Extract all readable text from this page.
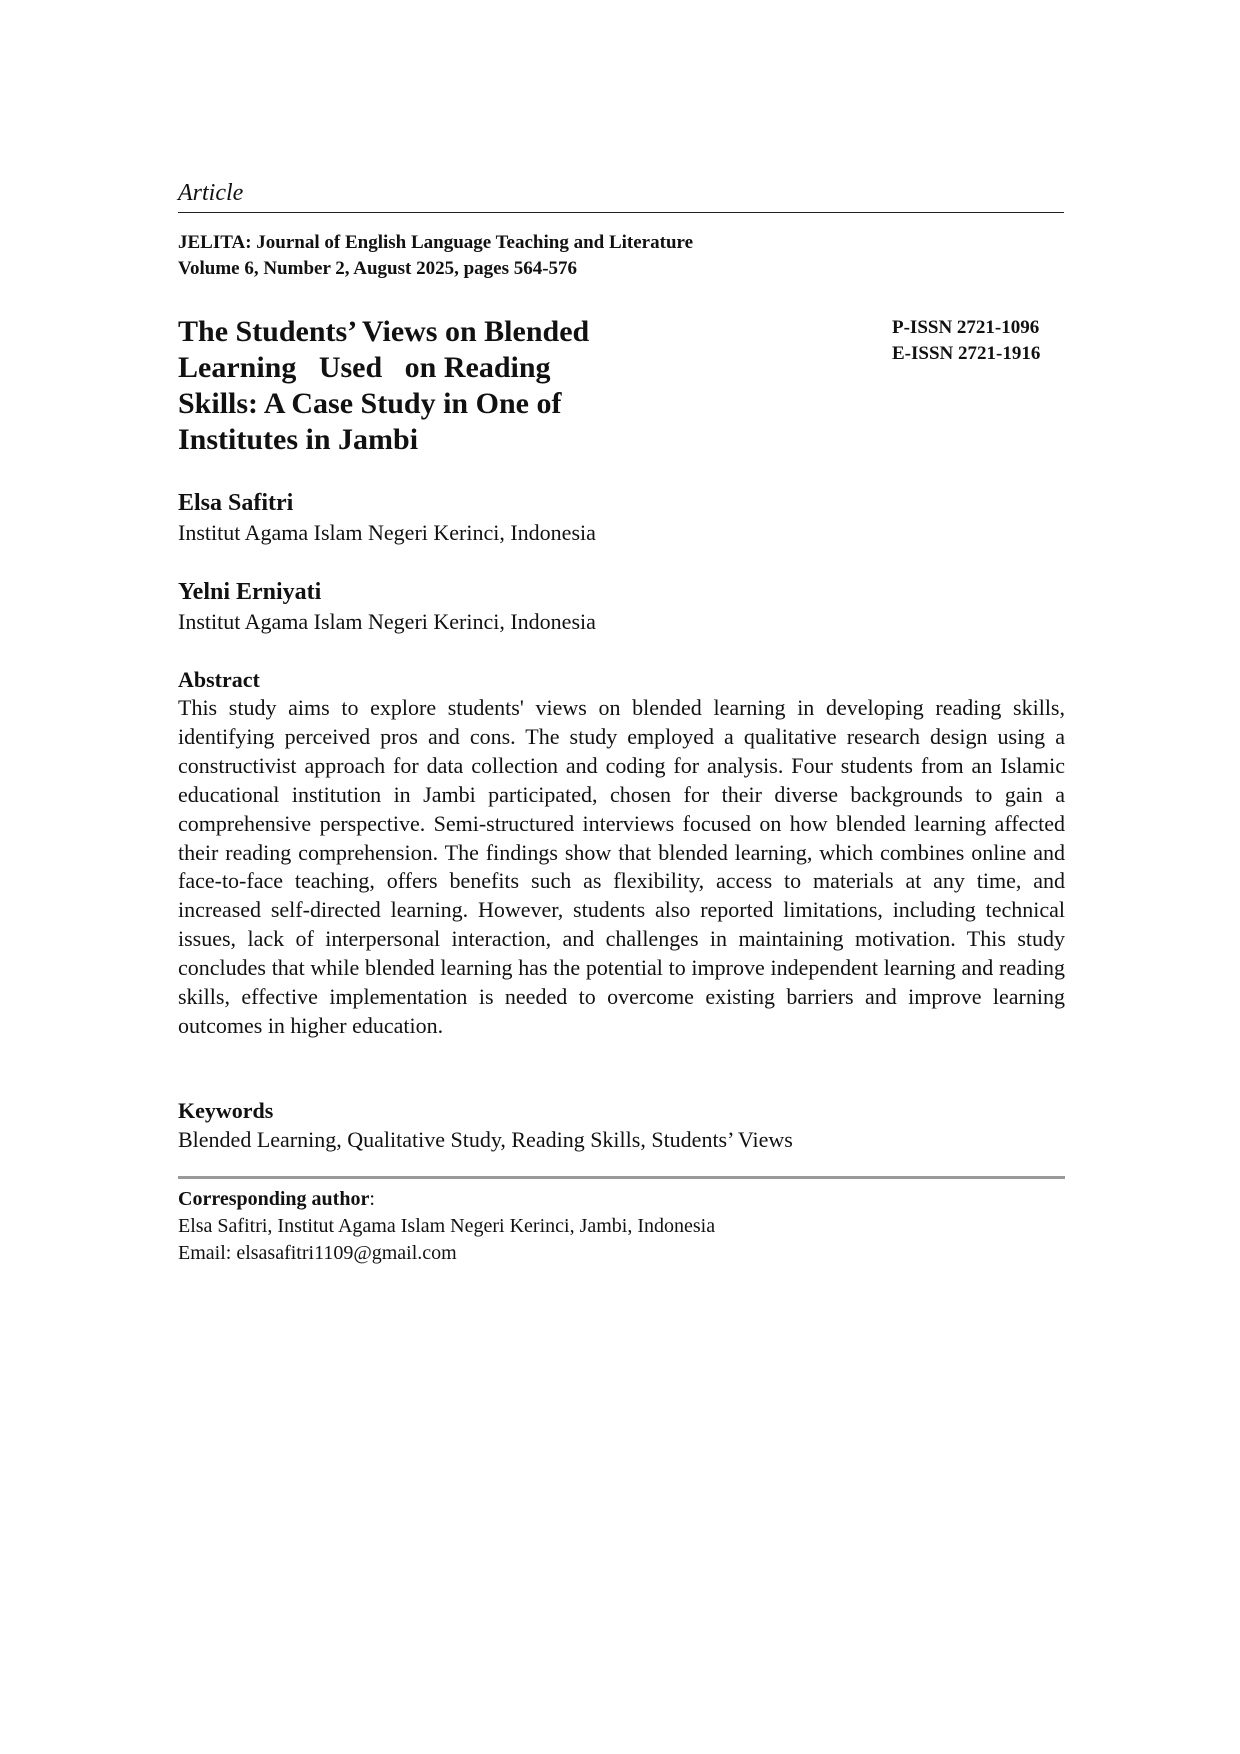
Article
JELITA: Journal of English Language Teaching and Literature
Volume 6, Number 2, August 2025, pages 564-576
The Students’ Views on Blended
Learning   Used   on Reading
Skills: A Case Study in One of
Institutes in Jambi
P-ISSN 2721-1096
E-ISSN 2721-1916
Elsa Safitri
Institut Agama Islam Negeri Kerinci, Indonesia
Yelni Erniyati
Institut Agama Islam Negeri Kerinci, Indonesia
Abstract
This study aims to explore students' views on blended learning in developing reading skills, identifying perceived pros and cons. The study employed a qualitative research design using a constructivist approach for data collection and coding for analysis. Four students from an Islamic educational institution in Jambi participated, chosen for their diverse backgrounds to gain a comprehensive perspective. Semi-structured interviews focused on how blended learning affected their reading comprehension. The findings show that blended learning, which combines online and face-to-face teaching, offers benefits such as flexibility, access to materials at any time, and increased self-directed learning. However, students also reported limitations, including technical issues, lack of interpersonal interaction, and challenges in maintaining motivation. This study concludes that while blended learning has the potential to improve independent learning and reading skills, effective implementation is needed to overcome existing barriers and improve learning outcomes in higher education.
Keywords
Blended Learning, Qualitative Study, Reading Skills, Students’ Views
Corresponding author:
Elsa Safitri, Institut Agama Islam Negeri Kerinci, Jambi, Indonesia
Email: elsasafitri1109@gmail.com
